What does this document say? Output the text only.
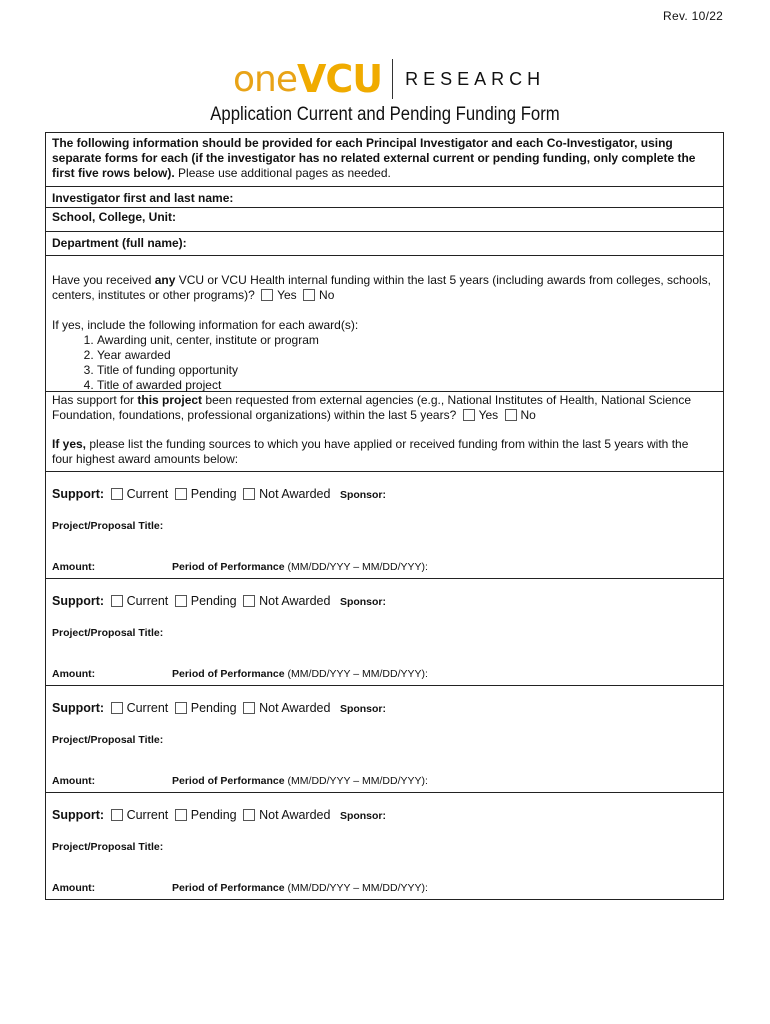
Rev. 10/22
one VCU RESEARCH
Application Current and Pending Funding Form
The following information should be provided for each Principal Investigator and each Co-Investigator, using separate forms for each (if the investigator has no related external current or pending funding, only complete the first five rows below). Please use additional pages as needed.
Investigator first and last name:
School, College, Unit:
Department (full name):
Have you received any VCU or VCU Health internal funding within the last 5 years (including awards from colleges, schools, centers, institutes or other programs)? Yes No
If yes, include the following information for each award(s):
1. Awarding unit, center, institute or program
2. Year awarded
3. Title of funding opportunity
4. Title of awarded project
Has support for this project been requested from external agencies (e.g., National Institutes of Health, National Science Foundation, foundations, professional organizations) within the last 5 years? Yes No
If yes, please list the funding sources to which you have applied or received funding from within the last 5 years with the four highest award amounts below:
Support: Current Pending Not Awarded Sponsor:
Project/Proposal Title:
Amount:	Period of Performance (MM/DD/YYY – MM/DD/YYY):
Support: Current Pending Not Awarded Sponsor:
Project/Proposal Title:
Amount:	Period of Performance (MM/DD/YYY – MM/DD/YYY):
Support: Current Pending Not Awarded Sponsor:
Project/Proposal Title:
Amount:	Period of Performance (MM/DD/YYY – MM/DD/YYY):
Support: Current Pending Not Awarded Sponsor:
Project/Proposal Title:
Amount:	Period of Performance (MM/DD/YYY – MM/DD/YYY):
